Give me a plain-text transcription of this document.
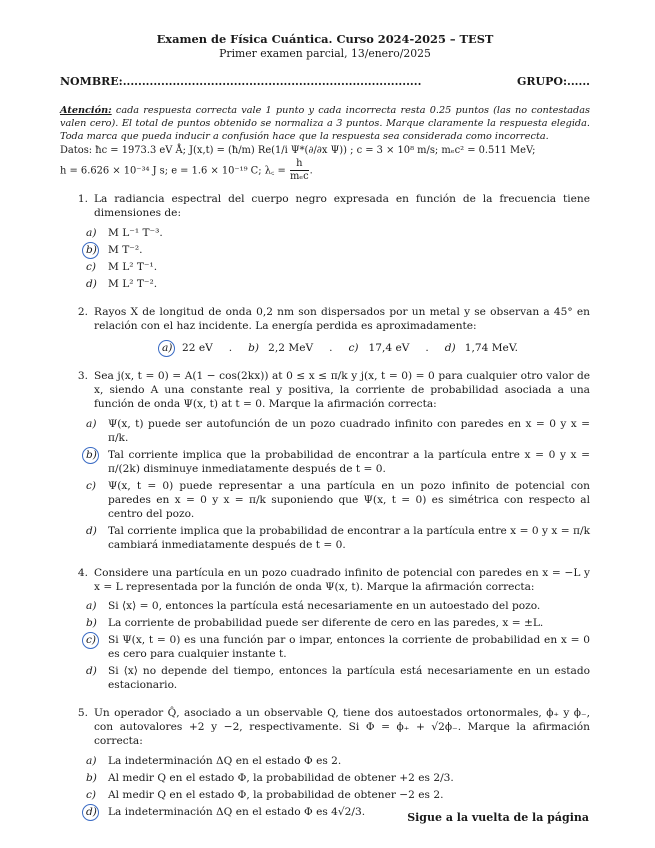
Examen de Física Cuántica. Curso 2024-2025 – TEST

Primer examen parcial, 13/enero/2025

NOMBRE:..............................................................................	GRUPO:......

Atención: cada respuesta correcta vale 1 punto y cada incorrecta resta 0.25 puntos (las no contestadas valen cero). El total de puntos obtenido se normaliza a 3 puntos. Marque claramente la respuesta elegida. Toda marca que pueda inducir a confusión hace que la respuesta sea considerada como incorrecta.

Datos: ħc = 1973.3 eV Å; J(x,t) = (ħ/m) Re(1/i Ψ*(∂/∂x Ψ)) ; c = 3 × 10⁸ m/s; mₑc² = 0.511 MeV;

h = 6.626 × 10⁻³⁴ J s; e = 1.6 × 10⁻¹⁹ C; λ꜀ = $\frac{h}{\text{mₑc}}$ .

1. La radiancia espectral del cuerpo negro expresada en función de la frecuencia tiene dimensiones de:
a)	M L⁻¹ T⁻³.
b)	M T⁻².
c)	M L² T⁻¹.
d)	M L² T⁻².
2. Rayos X de longitud de onda 0,2 nm son dispersados por un metal y se observan a 45° en relación con el haz incidente. La energía perdida es aproximadamente:
a) 22 eV . b) 2,2 MeV . c) 17,4 eV . d) 1,74 MeV.
3. Sea j(x, t = 0) = A(1 − cos(2kx)) at 0 ≤ x ≤ π/k y j(x, t = 0) = 0 para cualquier otro valor de x, siendo A una constante real y positiva, la corriente de probabilidad asociada a una función de onda Ψ(x, t) at t = 0. Marque la afirmación correcta:
a)	Ψ(x, t) puede ser autofunción de un pozo cuadrado infinito con paredes en x = 0 y x = π/k.
b)	Tal corriente implica que la probabilidad de encontrar a la partícula entre x = 0 y x = π/(2k) disminuye inmediatamente después de t = 0.
c)	Ψ(x, t = 0) puede representar a una partícula en un pozo infinito de potencial con paredes en x = 0 y x = π/k suponiendo que Ψ(x, t = 0) es simétrica con respecto al centro del pozo.
d)	Tal corriente implica que la probabilidad de encontrar a la partícula entre x = 0 y x = π/k cambiará inmediatamente después de t = 0.
4. Considere una partícula en un pozo cuadrado infinito de potencial con paredes en x = −L y x = L representada por la función de onda Ψ(x, t). Marque la afirmación correcta:
a)	Si ⟨x⟩ = 0, entonces la partícula está necesariamente en un autoestado del pozo.
b)	La corriente de probabilidad puede ser diferente de cero en las paredes, x = ±L.
c)	Si Ψ(x, t = 0) es una función par o impar, entonces la corriente de probabilidad en x = 0 es cero para cualquier instante t.
d)	Si ⟨x⟩ no depende del tiempo, entonces la partícula está necesariamente en un estado estacionario.
5. Un operador Q̂, asociado a un observable Q, tiene dos autoestados ortonormales, ϕ₊ y ϕ₋, con autovalores +2 y −2, respectivamente. Si Φ = ϕ₊ + √2ϕ₋. Marque la afirmación correcta:
a)	La indeterminación ΔQ en el estado Φ es 2.
b)	Al medir Q en el estado Φ, la probabilidad de obtener +2 es 2/3.
c)	Al medir Q en el estado Φ, la probabilidad de obtener −2 es 2.
d)	La indeterminación ΔQ en el estado Φ es 4√2/3.	Sigue a la vuelta de la página
